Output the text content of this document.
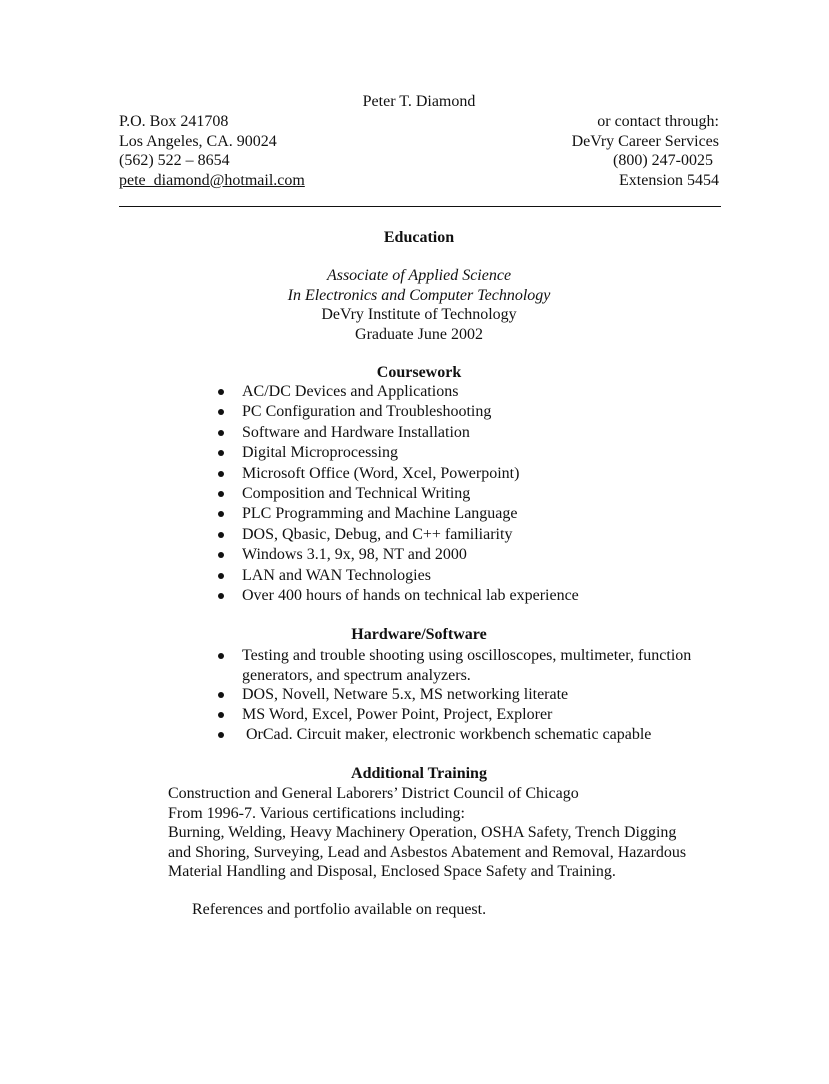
Peter T. Diamond
P.O. Box 241708
Los Angeles, CA. 90024
(562) 522 – 8654
pete_diamond@hotmail.com
or contact through:
DeVry Career Services
(800) 247-0025
Extension 5454
Education
Associate of Applied Science
In Electronics and Computer Technology
DeVry Institute of Technology
Graduate June 2002
Coursework
AC/DC Devices and Applications
PC Configuration and Troubleshooting
Software and Hardware Installation
Digital Microprocessing
Microsoft Office (Word, Xcel, Powerpoint)
Composition and Technical Writing
PLC Programming and Machine Language
DOS, Qbasic, Debug, and C++ familiarity
Windows 3.1, 9x, 98, NT and 2000
LAN and WAN Technologies
Over 400 hours of hands on technical lab experience
Hardware/Software
Testing and trouble shooting using oscilloscopes, multimeter, function generators, and spectrum analyzers.
DOS, Novell, Netware 5.x, MS networking literate
MS Word, Excel, Power Point, Project, Explorer
OrCad. Circuit maker, electronic workbench schematic capable
Additional Training
Construction and General Laborers’ District Council of Chicago
From 1996-7. Various certifications including:
Burning, Welding, Heavy Machinery Operation, OSHA Safety, Trench Digging
and Shoring, Surveying, Lead and Asbestos Abatement and Removal, Hazardous
Material Handling and Disposal, Enclosed Space Safety and Training.
References and portfolio available on request.
